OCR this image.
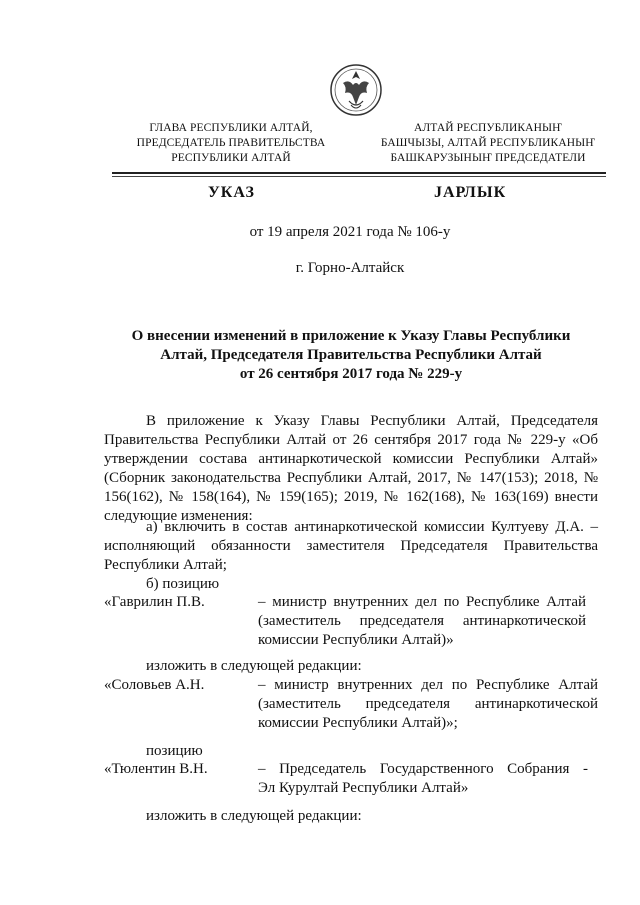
ГЛАВА РЕСПУБЛИКИ АЛТАЙ,
ПРЕДСЕДАТЕЛЬ ПРАВИТЕЛЬСТВА
РЕСПУБЛИКИ АЛТАЙ
АЛТАЙ РЕСПУБЛИКАНЫҤ
БАШЧЫЗЫ, АЛТАЙ РЕСПУБЛИКАНЫҤ
БАШКАРУЗЫНЫҤ ПРЕДСЕДАТЕЛИ
УКАЗ	JАРЛЫК
от 19 апреля 2021 года № 106-у
г. Горно-Алтайск
О внесении изменений в приложение к Указу Главы Республики
Алтай, Председателя Правительства Республики Алтай
от 26 сентября 2017 года № 229-у
В приложение к Указу Главы Республики Алтай, Председателя Правительства Республики Алтай от 26 сентября 2017 года № 229-у «Об утверждении состава антинаркотической комиссии Республики Алтай» (Сборник законодательства Республики Алтай, 2017, № 147(153); 2018, № 156(162), № 158(164), № 159(165); 2019, № 162(168), № 163(169) внести следующие изменения:
а) включить в состав антинаркотической комиссии Култуеву Д.А. – исполняющий обязанности заместителя Председателя Правительства Республики Алтай;
б) позицию
«Гаврилин П.В.	– министр внутренних дел по Республике Алтай
(заместитель председателя антинаркотической
комиссии Республики Алтай)»
изложить в следующей редакции:
«Соловьев А.Н.	– министр внутренних дел по Республике Алтай
(заместитель председателя антинаркотической
комиссии Республики Алтай)»;
позицию
«Тюлентин В.Н.	– Председатель Государственного Собрания -
Эл Курултай Республики Алтай»
изложить в следующей редакции:
